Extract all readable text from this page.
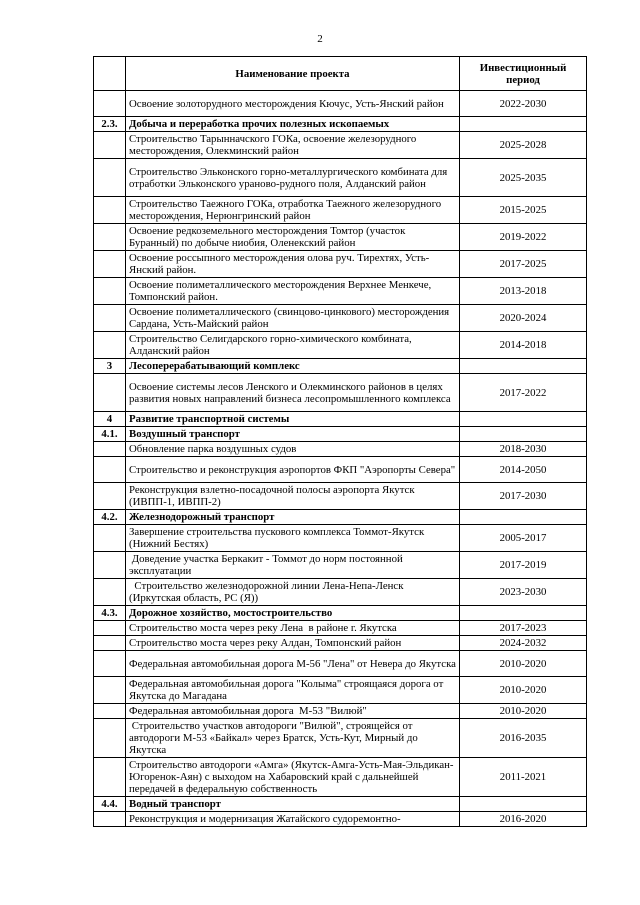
2
	Наименование проекта	Инвестиционный период
	Освоение золоторудного месторождения Кючус, Усть-Янский район	2022-2030
2.3.	Добыча и переработка прочих полезных ископаемых	
	Строительство Тарынначского ГОКа, освоение железорудного месторождения, Олекминский район	2025-2028
	Строительство Эльконского горно-металлургического комбината для отработки Эльконского ураново-рудного поля, Алданский район	2025-2035
	Строительство Таежного ГОКа, отработка Таежного железорудного месторождения, Нерюнгринский район	2015-2025
	Освоение редкоземельного месторождения Томтор (участок Буранный) по добыче ниобия, Оленекский район	2019-2022
	Освоение россыпного месторождения олова руч. Тирехтях, Усть-Янский район.	2017-2025
	Освоение полиметаллического месторождения Верхнее Менкече, Томпонский район.	2013-2018
	Освоение полиметаллического (свинцово-цинкового) месторождения Сардана, Усть-Майский район	2020-2024
	Строительство Селигдарского горно-химического комбината, Алданский район	2014-2018
3	Лесоперерабатывающий комплекс	
	Освоение системы лесов Ленского и Олекминского районов в целях развития новых направлений бизнеса лесопромышленного комплекса	2017-2022
4	Развитие транспортной системы	
4.1.	Воздушный транспорт	
	Обновление парка воздушных судов	2018-2030
	Строительство и реконструкция аэропортов ФКП "Аэропорты Севера"	2014-2050
	Реконструкция взлетно-посадочной полосы аэропорта Якутск (ИВПП-1, ИВПП-2)	2017-2030
4.2.	Железнодорожный транспорт	
	Завершение строительства пускового комплекса Томмот-Якутск (Нижний Бестях)	2005-2017
	Доведение участка Беркакит - Томмот до норм постоянной эксплуатации	2017-2019
	Строительство железнодорожной линии Лена-Непа-Ленск (Иркутская область, РС (Я))	2023-2030
4.3.	Дорожное хозяйство, мостостроительство	
	Строительство моста через реку Лена  в районе г. Якутска	2017-2023
	Строительство моста через реку Алдан, Томпонский район	2024-2032
	Федеральная автомобильная дорога М-56 "Лена" от Невера до Якутска	2010-2020
	Федеральная автомобильная дорога "Колыма" строящаяся дорога от Якутска до Магадана	2010-2020
	Федеральная автомобильная дорога  М-53 "Вилюй"	2010-2020
	Строительство участков автодороги "Вилюй", строящейся от автодороги М-53 «Байкал» через Братск, Усть-Кут, Мирный до Якутска	2016-2035
	Строительство автодороги «Амга» (Якутск-Амга-Усть-Мая-Эльдикан-Югоренок-Аян) с выходом на Хабаровский край с дальнейшей передачей в федеральную собственность	2011-2021
4.4.	Водный транспорт	
	Реконструкция и модернизация Жатайского судоремонтно-	2016-2020
